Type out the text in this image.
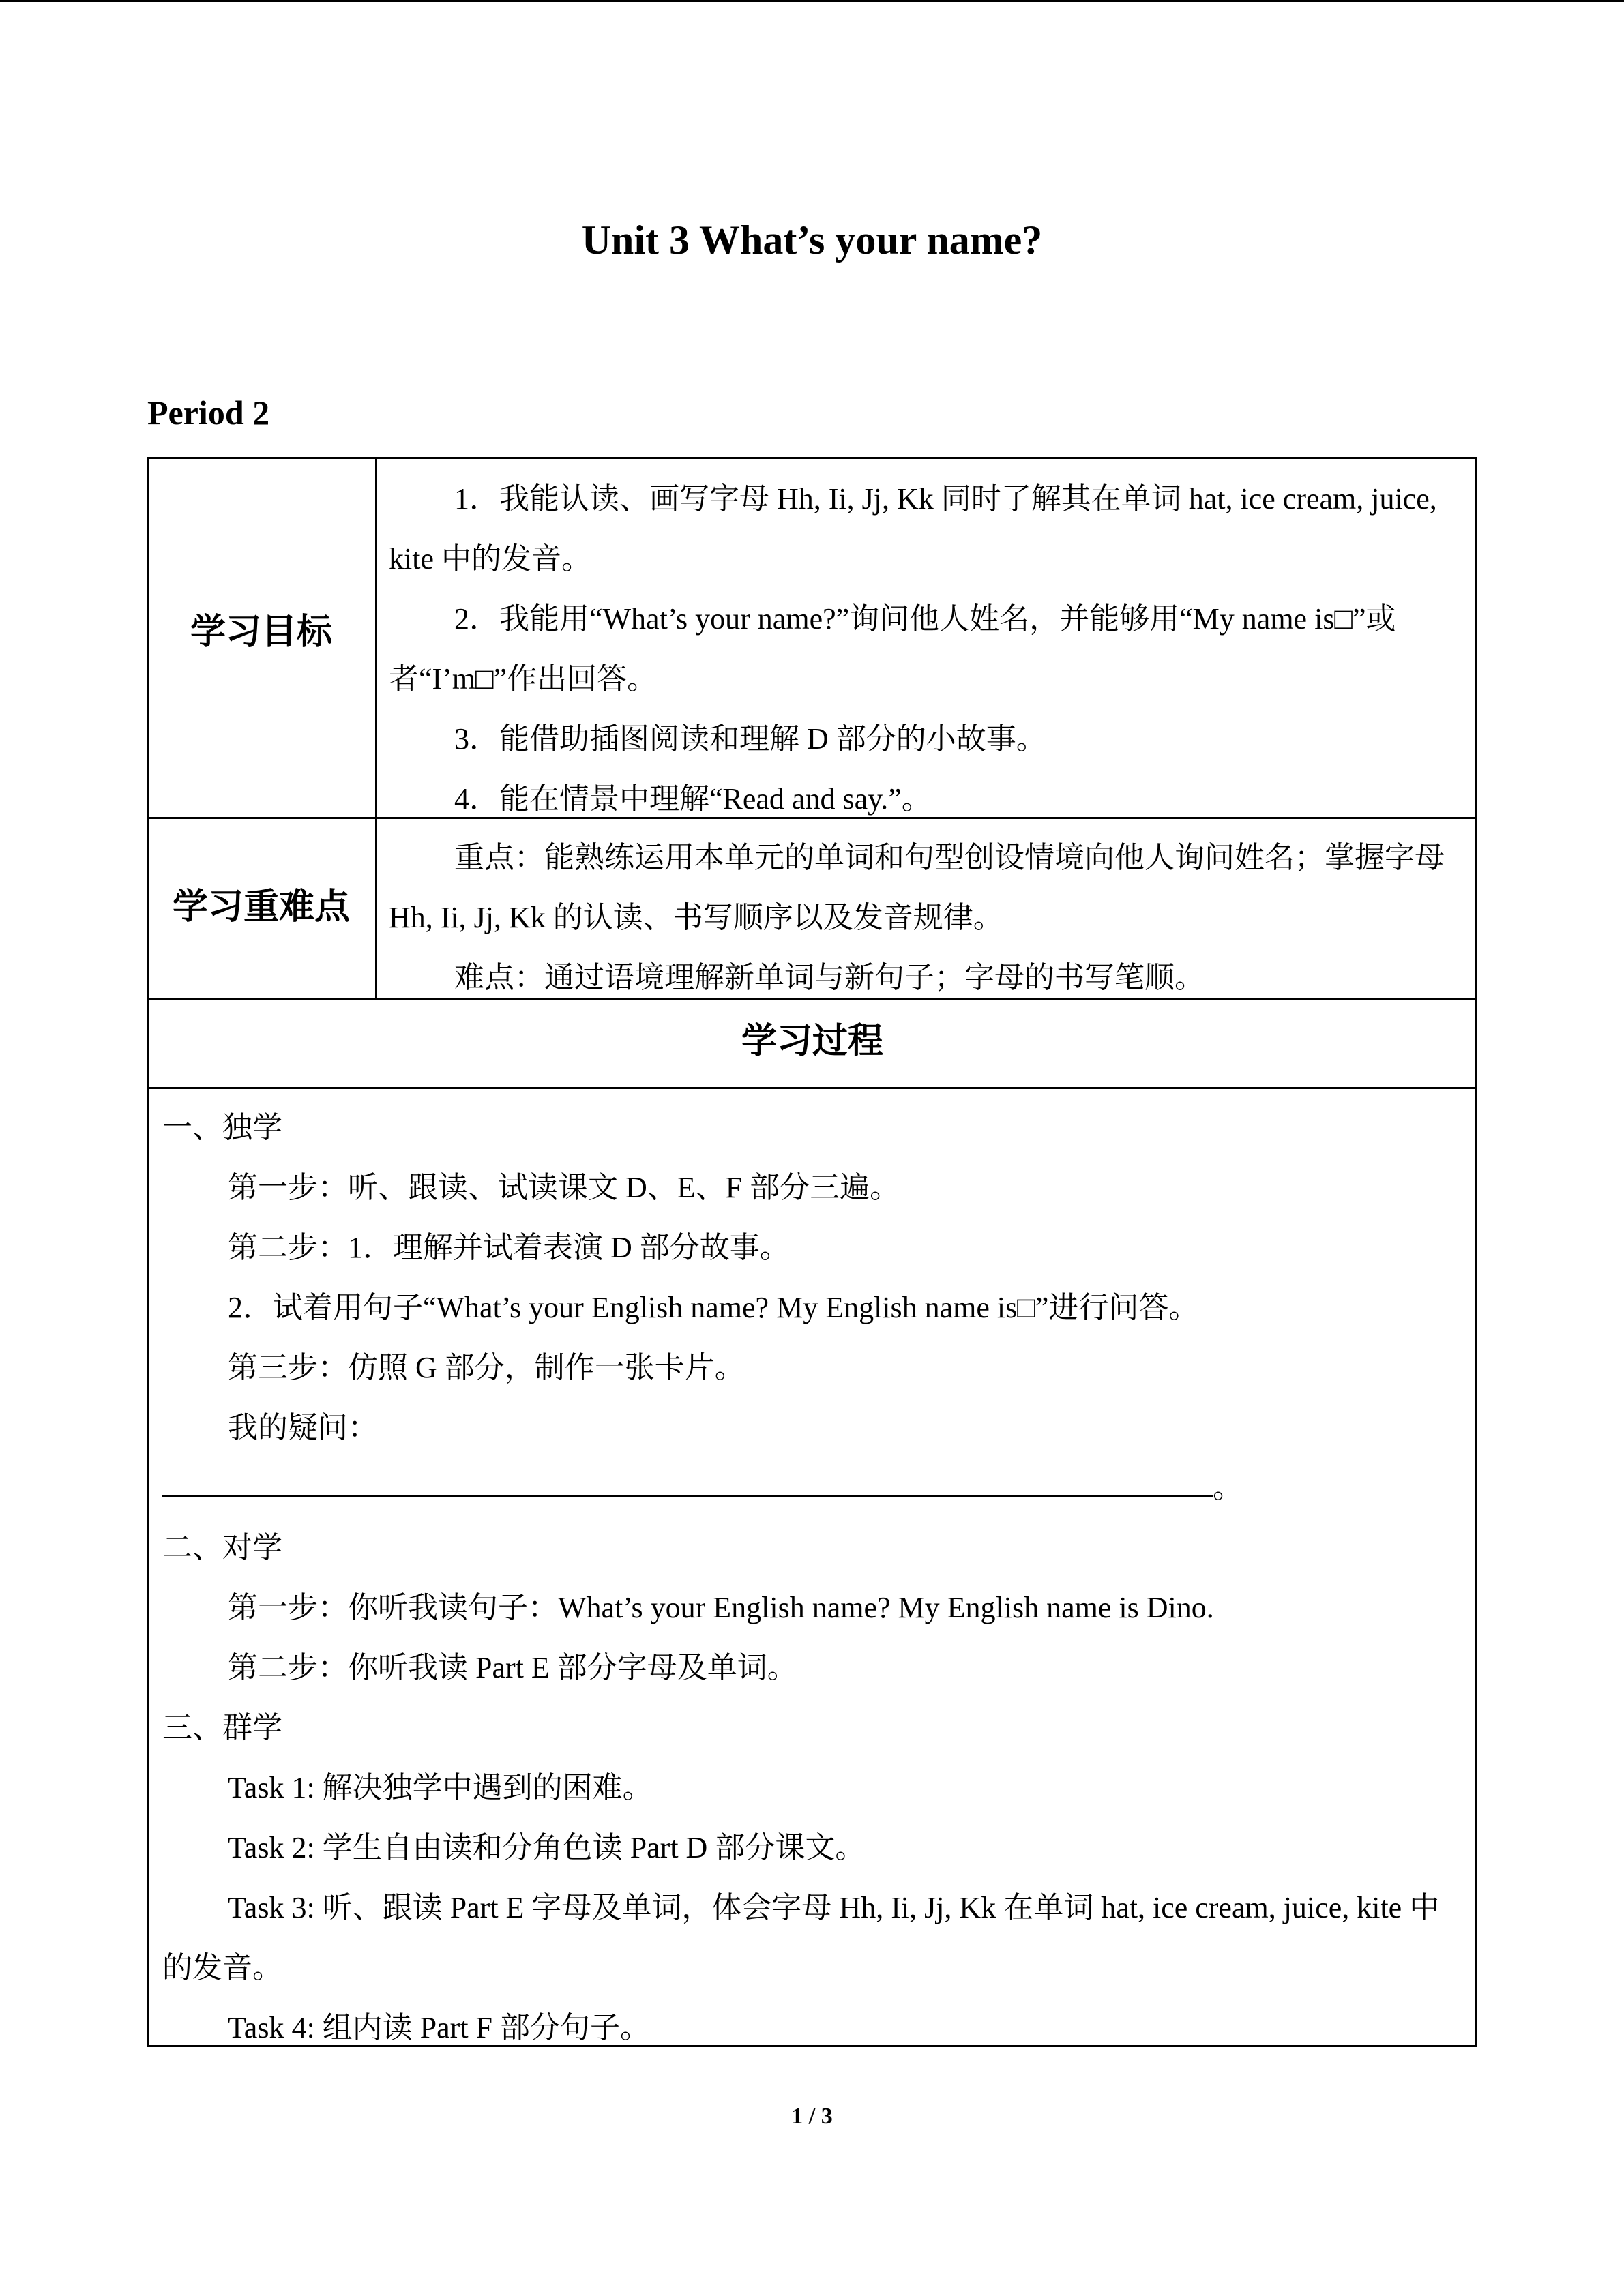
Unit 3 What’s your name?
Period 2
学习目标

1．我能认读、画写字母 Hh, Ii, Jj, Kk 同时了解其在单词 hat, ice cream, juice, kite 中的发音。

2．我能用“What’s your name?”询问他人姓名，并能够用“My name is□”或者“I’m□”作出回答。

3．能借助插图阅读和理解 D 部分的小故事。

4．能在情景中理解“Read and say.”。

学习重难点

重点：能熟练运用本单元的单词和句型创设情境向他人询问姓名；掌握字母 Hh, Ii, Jj, Kk 的认读、书写顺序以及发音规律。

难点：通过语境理解新单词与新句子；字母的书写笔顺。

学习过程

一、独学

第一步：听、跟读、试读课文 D、E、F 部分三遍。

第二步：1．理解并试着表演 D 部分故事。

2．试着用句子“What’s your English name? My English name is□”进行问答。

第三步：仿照 G 部分，制作一张卡片。

我的疑问：

。

二、对学

第一步：你听我读句子：What’s your English name? My English name is Dino.

第二步：你听我读 Part E 部分字母及单词。

三、群学

Task 1: 解决独学中遇到的困难。

Task 2: 学生自由读和分角色读 Part D 部分课文。

Task 3: 听、跟读 Part E 字母及单词，体会字母 Hh, Ii, Jj, Kk 在单词 hat, ice cream, juice, kite 中的发音。

Task 4: 组内读 Part F 部分句子。

1 / 3
